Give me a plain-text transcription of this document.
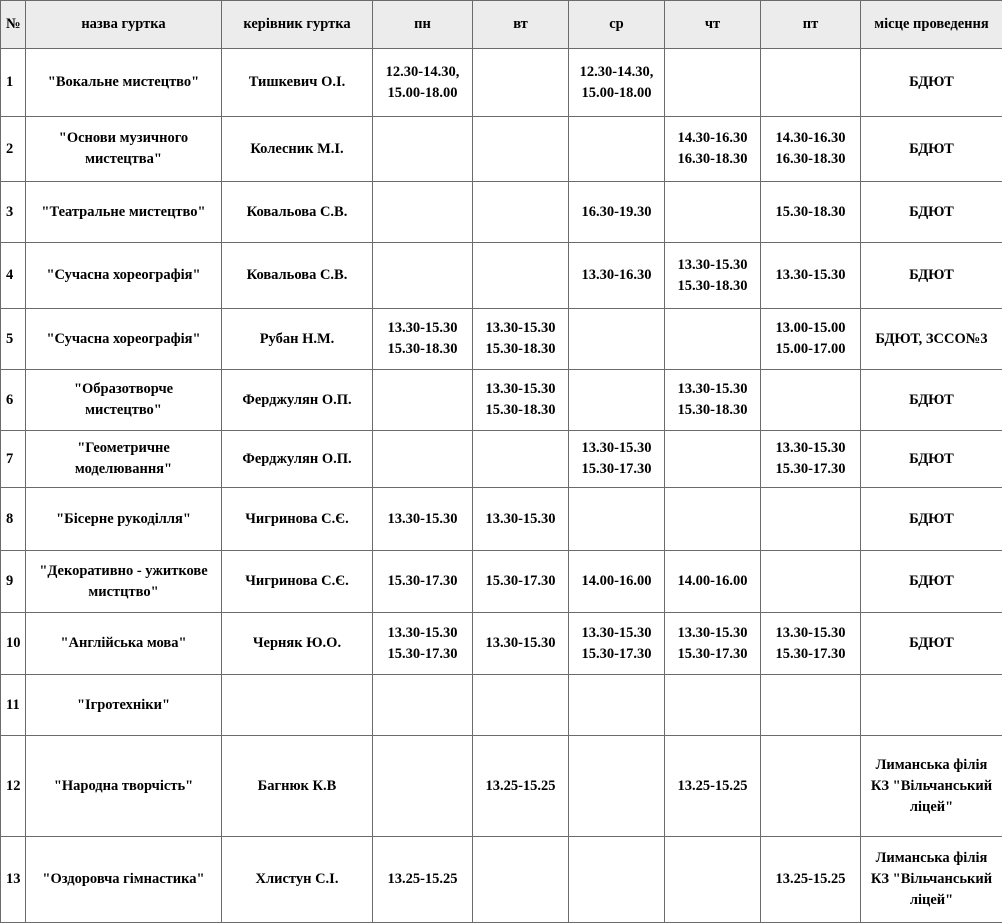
№	назва гуртка	керівник гуртка	пн	вт	ср	чт	пт	місце проведення
1	"Вокальне мистецтво"	Тишкевич О.І.	12.30-14.30,
15.00-18.00		12.30-14.30,
15.00-18.00			БДЮТ
2	"Основи музичного
мистецтва"	Колесник М.І.				14.30-16.30
16.30-18.30	14.30-16.30
16.30-18.30	БДЮТ
3	"Театральне мистецтво"	Ковальова С.В.			16.30-19.30		15.30-18.30	БДЮТ
4	"Сучасна хореографія"	Ковальова С.В.			13.30-16.30	13.30-15.30
15.30-18.30	13.30-15.30	БДЮТ
5	"Сучасна хореографія"	Рубан Н.М.	13.30-15.30
15.30-18.30	13.30-15.30
15.30-18.30			13.00-15.00
15.00-17.00	БДЮТ, ЗССО№3
6	"Образотворче
мистецтво"	Ферджулян О.П.		13.30-15.30
15.30-18.30		13.30-15.30
15.30-18.30		БДЮТ
7	"Геометричне
моделювання"	Ферджулян О.П.			13.30-15.30
15.30-17.30		13.30-15.30
15.30-17.30	БДЮТ
8	"Бісерне рукоділля"	Чигринова С.Є.	13.30-15.30	13.30-15.30				БДЮТ
9	"Декоративно - ужиткове
мистцтво"	Чигринова С.Є.	15.30-17.30	15.30-17.30	14.00-16.00	14.00-16.00		БДЮТ
10	"Англійська мова"	Черняк Ю.О.	13.30-15.30
15.30-17.30	13.30-15.30	13.30-15.30
15.30-17.30	13.30-15.30
15.30-17.30	13.30-15.30
15.30-17.30	БДЮТ
11	"Ігротехніки"							
12	"Народна творчість"	Багнюк К.В		13.25-15.25		13.25-15.25		Лиманська філія
КЗ "Вільчанський
ліцей"
13	"Оздоровча гімнастика"	Хлистун С.І.	13.25-15.25				13.25-15.25	Лиманська філія
КЗ "Вільчанський
ліцей"
